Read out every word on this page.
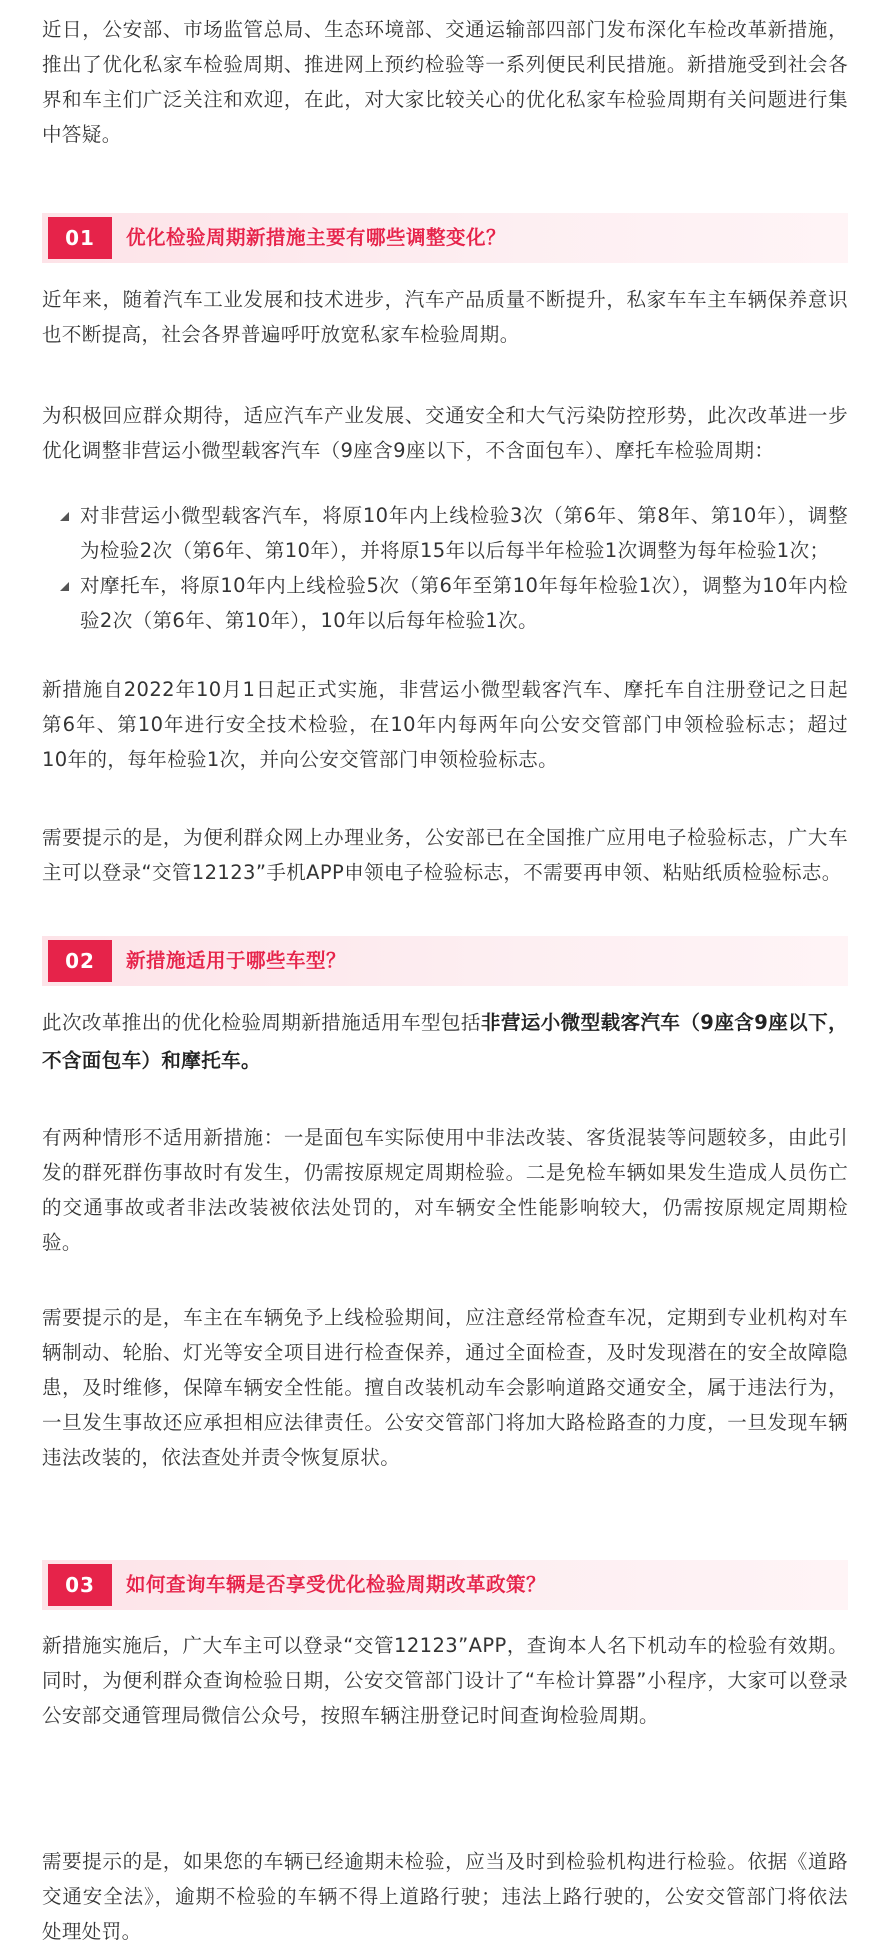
近日，公安部、市场监管总局、生态环境部、交通运输部四部门发布深化车检改革新措施，推出了优化私家车检验周期、推进网上预约检验等一系列便民利民措施。新措施受到社会各界和车主们广泛关注和欢迎，在此，对大家比较关心的优化私家车检验周期有关问题进行集中答疑。

01	优化检验周期新措施主要有哪些调整变化？

近年来，随着汽车工业发展和技术进步，汽车产品质量不断提升，私家车车主车辆保养意识也不断提高，社会各界普遍呼吁放宽私家车检验周期。

为积极回应群众期待，适应汽车产业发展、交通安全和大气污染防控形势，此次改革进一步优化调整非营运小微型载客汽车（9座含9座以下，不含面包车）、摩托车检验周期：

对非营运小微型载客汽车，将原10年内上线检验3次（第6年、第8年、第10年），调整为检验2次（第6年、第10年），并将原15年以后每半年检验1次调整为每年检验1次；
对摩托车，将原10年内上线检验5次（第6年至第10年每年检验1次），调整为10年内检验2次（第6年、第10年），10年以后每年检验1次。

新措施自2022年10月1日起正式实施，非营运小微型载客汽车、摩托车自注册登记之日起第6年、第10年进行安全技术检验，在10年内每两年向公安交管部门申领检验标志；超过10年的，每年检验1次，并向公安交管部门申领检验标志。

需要提示的是，为便利群众网上办理业务，公安部已在全国推广应用电子检验标志，广大车主可以登录“交管12123”手机APP申领电子检验标志，不需要再申领、粘贴纸质检验标志。

02	新措施适用于哪些车型？

此次改革推出的优化检验周期新措施适用车型包括非营运小微型载客汽车（9座含9座以下，不含面包车）和摩托车。

有两种情形不适用新措施：一是面包车实际使用中非法改装、客货混装等问题较多，由此引发的群死群伤事故时有发生，仍需按原规定周期检验。二是免检车辆如果发生造成人员伤亡的交通事故或者非法改装被依法处罚的，对车辆安全性能影响较大，仍需按原规定周期检验。

需要提示的是，车主在车辆免予上线检验期间，应注意经常检查车况，定期到专业机构对车辆制动、轮胎、灯光等安全项目进行检查保养，通过全面检查，及时发现潜在的安全故障隐患，及时维修，保障车辆安全性能。擅自改装机动车会影响道路交通安全，属于违法行为，一旦发生事故还应承担相应法律责任。公安交管部门将加大路检路查的力度，一旦发现车辆违法改装的，依法查处并责令恢复原状。

03	如何查询车辆是否享受优化检验周期改革政策？

新措施实施后，广大车主可以登录“交管12123”APP，查询本人名下机动车的检验有效期。同时，为便利群众查询检验日期，公安交管部门设计了“车检计算器”小程序，大家可以登录公安部交通管理局微信公众号，按照车辆注册登记时间查询检验周期。

需要提示的是，如果您的车辆已经逾期未检验，应当及时到检验机构进行检验。依据《道路交通安全法》，逾期不检验的车辆不得上道路行驶；违法上路行驶的，公安交管部门将依法处理处罚。
